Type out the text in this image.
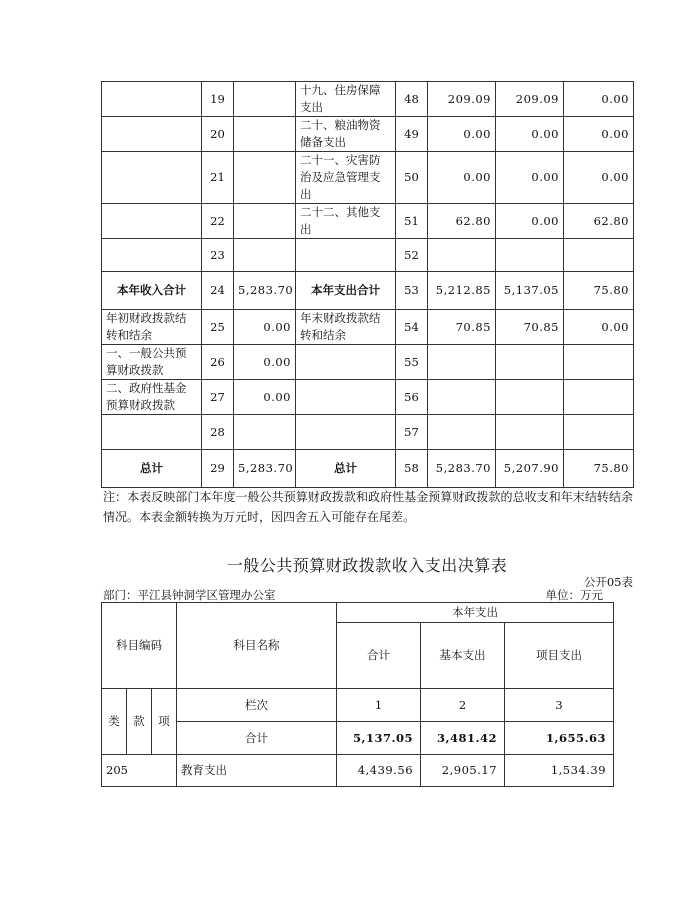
	19		十九、住房保障支出	48	209.09	209.09	0.00
	20		二十、粮油物资储备支出	49	0.00	0.00	0.00
	21		二十一、灾害防治及应急管理支出	50	0.00	0.00	0.00
	22		二十二、其他支出	51	62.80	0.00	62.80
	23			52			
本年收入合计	24	5,283.70	本年支出合计	53	5,212.85	5,137.05	75.80
年初财政拨款结转和结余	25	0.00	年末财政拨款结转和结余	54	70.85	70.85	0.00
一、一般公共预算财政拨款	26	0.00		55			
二、政府性基金预算财政拨款	27	0.00		56			
	28			57			
总计	29	5,283.70	总计	58	5,283.70	5,207.90	75.80
注：本表反映部门本年度一般公共预算财政拨款和政府性基金预算财政拨款的总收支和年末结转结余情况。本表金额转换为万元时，因四舍五入可能存在尾差。
一般公共预算财政拨款收入支出决算表
公开05表
部门：平江县钟洞学区管理办公室	单位：万元
科目编码			科目名称	本年支出		
				合计	基本支出	项目支出

类	款	项	栏次	1	2	3
			合计	5,137.05	3,481.42	1,655.63
205			教育支出	4,439.56	2,905.17	1,534.39
